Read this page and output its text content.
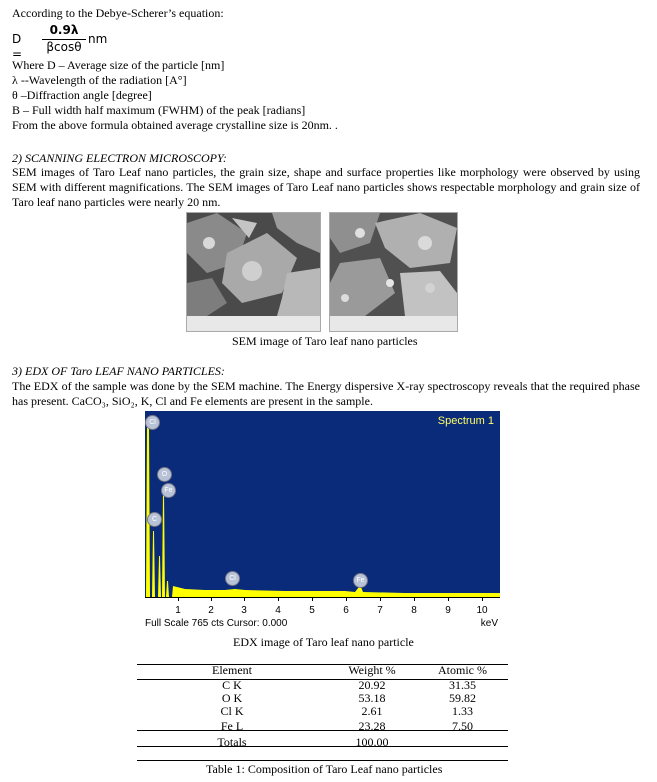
According to the Debye-Scherer’s equation:
D =
0.9λ
βcosθ
nm
Where D – Average size of the particle [nm]
λ --Wavelength of the radiation [A°]
θ –Diffraction angle [degree]
B – Full width half maximum (FWHM) of the peak [radians]
From the above formula obtained average crystalline size is 20nm. .
2) SCANNING ELECTRON MICROSCOPY:
SEM images of Taro Leaf nano particles, the grain size, shape and surface properties like morphology were observed by using SEM with different magnifications. The SEM images of Taro Leaf nano particles shows respectable morphology and grain size of Taro leaf nano particles were nearly 20 nm.
SEM image of Taro leaf nano particles
3) EDX OF Taro LEAF NANO PARTICLES:
The EDX of the sample was done by the SEM machine. The Energy dispersive X-ray spectroscopy reveals that the required phase has present. CaCO₃, SiO₂, K, Cl and Fe elements are present in the sample.
Spectrum 1
Cl
O
Fe
C
Cl	Fe
1	2	3	4	5	6	7	8	9	10
Full Scale 765 cts Cursor: 0.000	keV
EDX image of Taro leaf nano particle
Element	Weight %	Atomic %
C K	20.92	31.35
O K	53.18	59.82
Cl K	2.61	1.33
Fe L	23.28	7.50
Totals	100.00
Table 1: Composition of Taro Leaf nano particles
